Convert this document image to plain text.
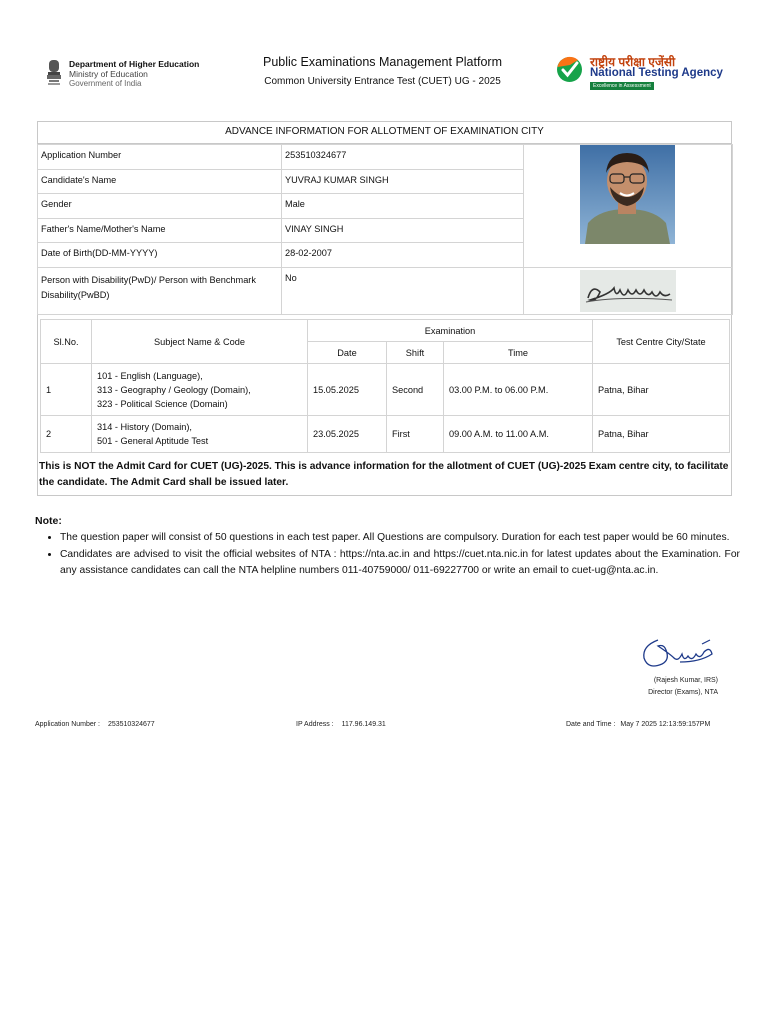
Department of Higher Education
Ministry of Education
Government of India
Public Examinations Management Platform
Common University Entrance Test (CUET) UG - 2025
राष्ट्रीय परीक्षा एजेंसी
National Testing Agency
Excellence in Assessment
ADVANCE INFORMATION FOR ALLOTMENT OF EXAMINATION CITY
Application Number	253510324677	
Candidate's Name	YUVRAJ KUMAR SINGH	
Gender	Male	
Father's Name/Mother's Name	VINAY SINGH	
Date of Birth(DD-MM-YYYY)	28-02-2007	
Person with Disability(PwD)/ Person with Benchmark Disability(PwBD)	No	
Sl.No.	Subject Name & Code	Examination			Test Centre City/State
		Date	Shift	Time	
1	101 - English (Language),
313 - Geography / Geology (Domain),
323 - Political Science (Domain)	15.05.2025	Second	03.00 P.M. to 06.00 P.M.	Patna, Bihar
2	314 - History (Domain),
501 - General Aptitude Test	23.05.2025	First	09.00 A.M. to 11.00 A.M.	Patna, Bihar
This is NOT the Admit Card for CUET (UG)-2025. This is advance information for the allotment of CUET (UG)-2025 Exam centre city, to facilitate the candidate. The Admit Card shall be issued later.
Note:
• The question paper will consist of 50 questions in each test paper. All Questions are compulsory. Duration for each test paper would be 60 minutes.
• Candidates are advised to visit the official websites of NTA : https://nta.ac.in and https://cuet.nta.nic.in for latest updates about the Examination. For any assistance candidates can call the NTA helpline numbers 011-40759000/ 011-69227700 or write an email to cuet-ug@nta.ac.in.
(Rajesh Kumar, IRS)
Director (Exams), NTA
Application Number : 253510324677	IP Address : 117.96.149.31	Date and Time : May 7 2025 12:13:59:157PM
